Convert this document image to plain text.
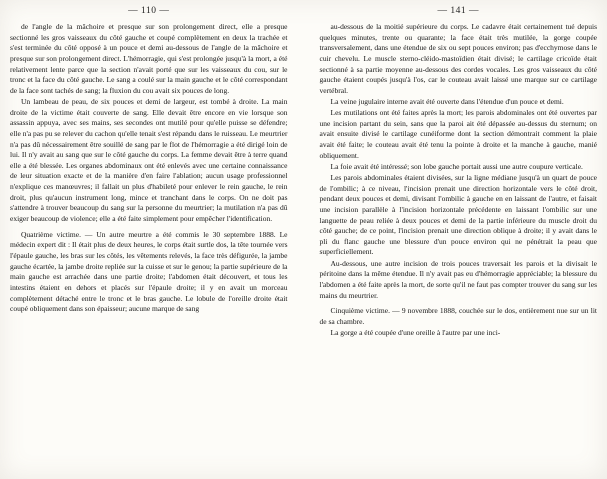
— 110 —

de l'angle de la mâchoire et presque sur son prolongement direct, elle a presque sectionné les gros vaisseaux du côté gauche et coupé complètement en deux la trachée et s'est terminée du côté opposé à un pouce et demi au-dessous de l'angle de la mâchoire et presque sur son prolongement direct. L'hémorragie, qui s'est prolongée jusqu'à la mort, a été relativement lente parce que la section n'avait porté que sur les vaisseaux du cou, sur le tronc et la face du côté gauche. Le sang a coulé sur la main gauche et le côté correspondant de la face sont tachés de sang; la fluxion du cou avait six pouces de long.

Un lambeau de peau, de six pouces et demi de largeur, est tombé à droite. La main droite de la victime était couverte de sang. Elle devait être encore en vie lorsque son assassin appuya, avec ses mains, ses secondes ont mutilé pour qu'elle puisse se défendre; elle n'a pas pu se relever du cachon qu'elle tenait s'est répandu dans le ruisseau. Le meurtrier n'a pas dû nécessairement être souillé de sang par le flot de l'hémorragie a été dirigé loin de lui. Il n'y avait au sang que sur le côté gauche du corps. La femme devait être à terre quand elle a été blessée. Les organes abdominaux ont été enlevés avec une certaine connaissance de leur situation exacte et de la manière d'en faire l'ablation; aucun usage professionnel n'explique ces manœuvres; il fallait un plus d'habileté pour enlever le rein gauche, le rein droit, plus qu'aucun instrument long, mince et tranchant dans le corps. On ne doit pas s'attendre à trouver beaucoup du sang sur la personne du meurtrier; la mutilation n'a pas dû exiger beaucoup de violence; elle a été faite simplement pour empêcher l'identification.

Quatrième victime. — Un autre meurtre a été commis le 30 septembre 1888. Le médecin expert dit : Il était plus de deux heures, le corps était surtle dos, la tête tournée vers l'épaule gauche, les bras sur les côtés, les vêtements relevés, la face très défigurée, la jambe gauche écartée, la jambe droite repliée sur la cuisse et sur le genou; la partie supérieure de la main gauche est arrachée dans une partie droite; l'abdomen était découvert, et tous les intestins étaient en dehors et placés sur l'épaule droite; il y en avait un morceau complètement détaché entre le tronc et le bras gauche. Le lobule de l'oreille droite était coupé obliquement dans son épaisseur; aucune marque de sang

— 141 —

au-dessous de la moitié supérieure du corps. Le cadavre était certainement tué depuis quelques minutes, trente ou quarante; la face était très mutilée, la gorge coupée transversalement, dans une étendue de six ou sept pouces environ; pas d'ecchymose dans le cuir chevelu. Le muscle sterno-cléido-mastoïdien était divisé; le cartilage cricoïde était sectionné à sa partie moyenne au-dessous des cordes vocales. Les gros vaisseaux du côté gauche étaient coupés jusqu'à l'os, car le couteau avait laissé une marque sur ce cartilage vertébral.

La veine jugulaire interne avait été ouverte dans l'étendue d'un pouce et demi.

Les mutilations ont été faites après la mort; les parois abdominales ont été ouvertes par une incision partant du sein, sans que la paroi ait été dépassée au-dessus du sternum; on avait ensuite divisé le cartilage cunéiforme dont la section démontrait comment la plaie avait été faite; le couteau avait été tenu la pointe à droite et la manche à gauche, manié obliquement.

La foie avait été intéressé; son lobe gauche portait aussi une autre coupure verticale.

Les parois abdominales étaient divisées, sur la ligne médiane jusqu'à un quart de pouce de l'ombilic; à ce niveau, l'incision prenait une direction horizontale vers le côté droit, pendant deux pouces et demi, divisant l'ombilic à gauche en en laissant de l'autre, et faisait une incision parallèle à l'incision horizontale précédente en laissant l'ombilic sur une languette de peau reliée à deux pouces et demi de la partie inférieure du muscle droit du côté gauche; de ce point, l'incision prenait une direction oblique à droite; il y avait dans le pli du flanc gauche une blessure d'un pouce environ qui ne pénétrait la peau que superficiellement.

Au-dessous, une autre incision de trois pouces traversait les parois et la divisait le péritoine dans la même étendue. Il n'y avait pas eu d'hémorragie appréciable; la blessure du l'abdomen a été faite après la mort, de sorte qu'il ne faut pas compter trouver du sang sur les mains du meurtrier.

Cinquième victime. — 9 novembre 1888, couchée sur le dos, entièrement nue sur un lit de sa chambre.

La gorge a été coupée d'une oreille à l'autre par une inci-
